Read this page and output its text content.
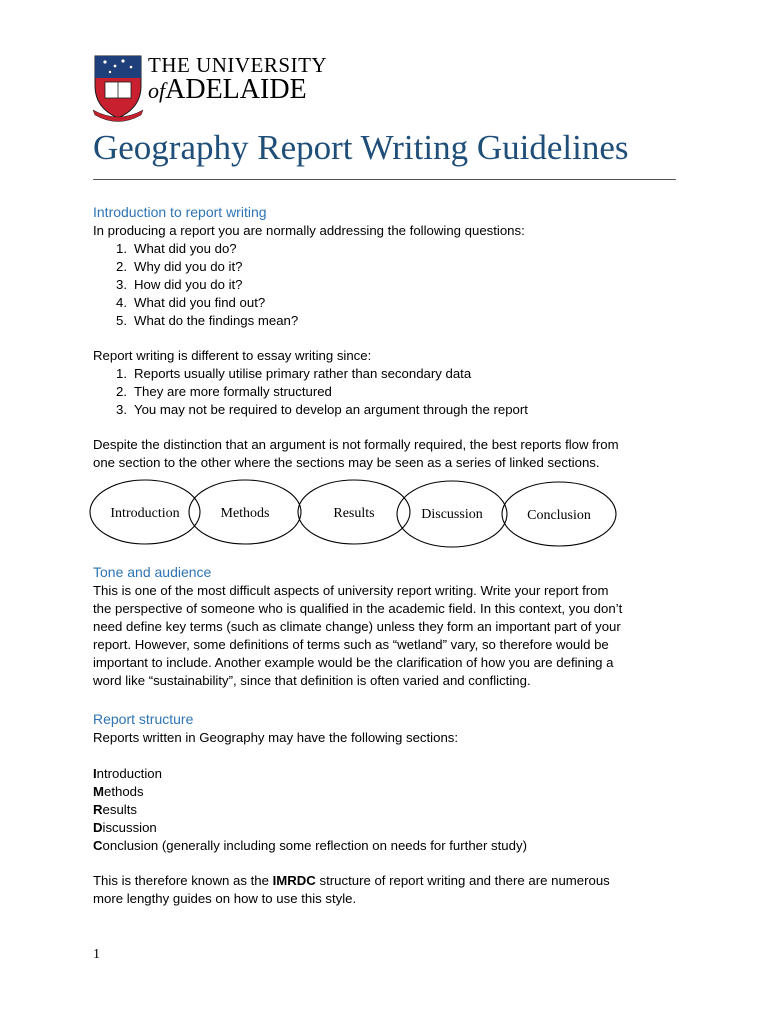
THE UNIVERSITY
ofADELAIDE
Geography Report Writing Guidelines
Introduction to report writing
In producing a report you are normally addressing the following questions:
1. What did you do?
2. Why did you do it?
3. How did you do it?
4. What did you find out?
5. What do the findings mean?
Report writing is different to essay writing since:
1. Reports usually utilise primary rather than secondary data
2. They are more formally structured
3. You may not be required to develop an argument through the report
Despite the distinction that an argument is not formally required, the best reports flow from
one section to the other where the sections may be seen as a series of linked sections.
Introduction	Methods	Results	Discussion	Conclusion
Tone and audience
This is one of the most difficult aspects of university report writing. Write your report from
the perspective of someone who is qualified in the academic field. In this context, you don’t
need define key terms (such as climate change) unless they form an important part of your
report. However, some definitions of terms such as “wetland” vary, so therefore would be
important to include. Another example would be the clarification of how you are defining a
word like “sustainability”, since that definition is often varied and conflicting.
Report structure
Reports written in Geography may have the following sections:
Introduction
Methods
Results
Discussion
Conclusion (generally including some reflection on needs for further study)
This is therefore known as the IMRDC structure of report writing and there are numerous
more lengthy guides on how to use this style.
1
